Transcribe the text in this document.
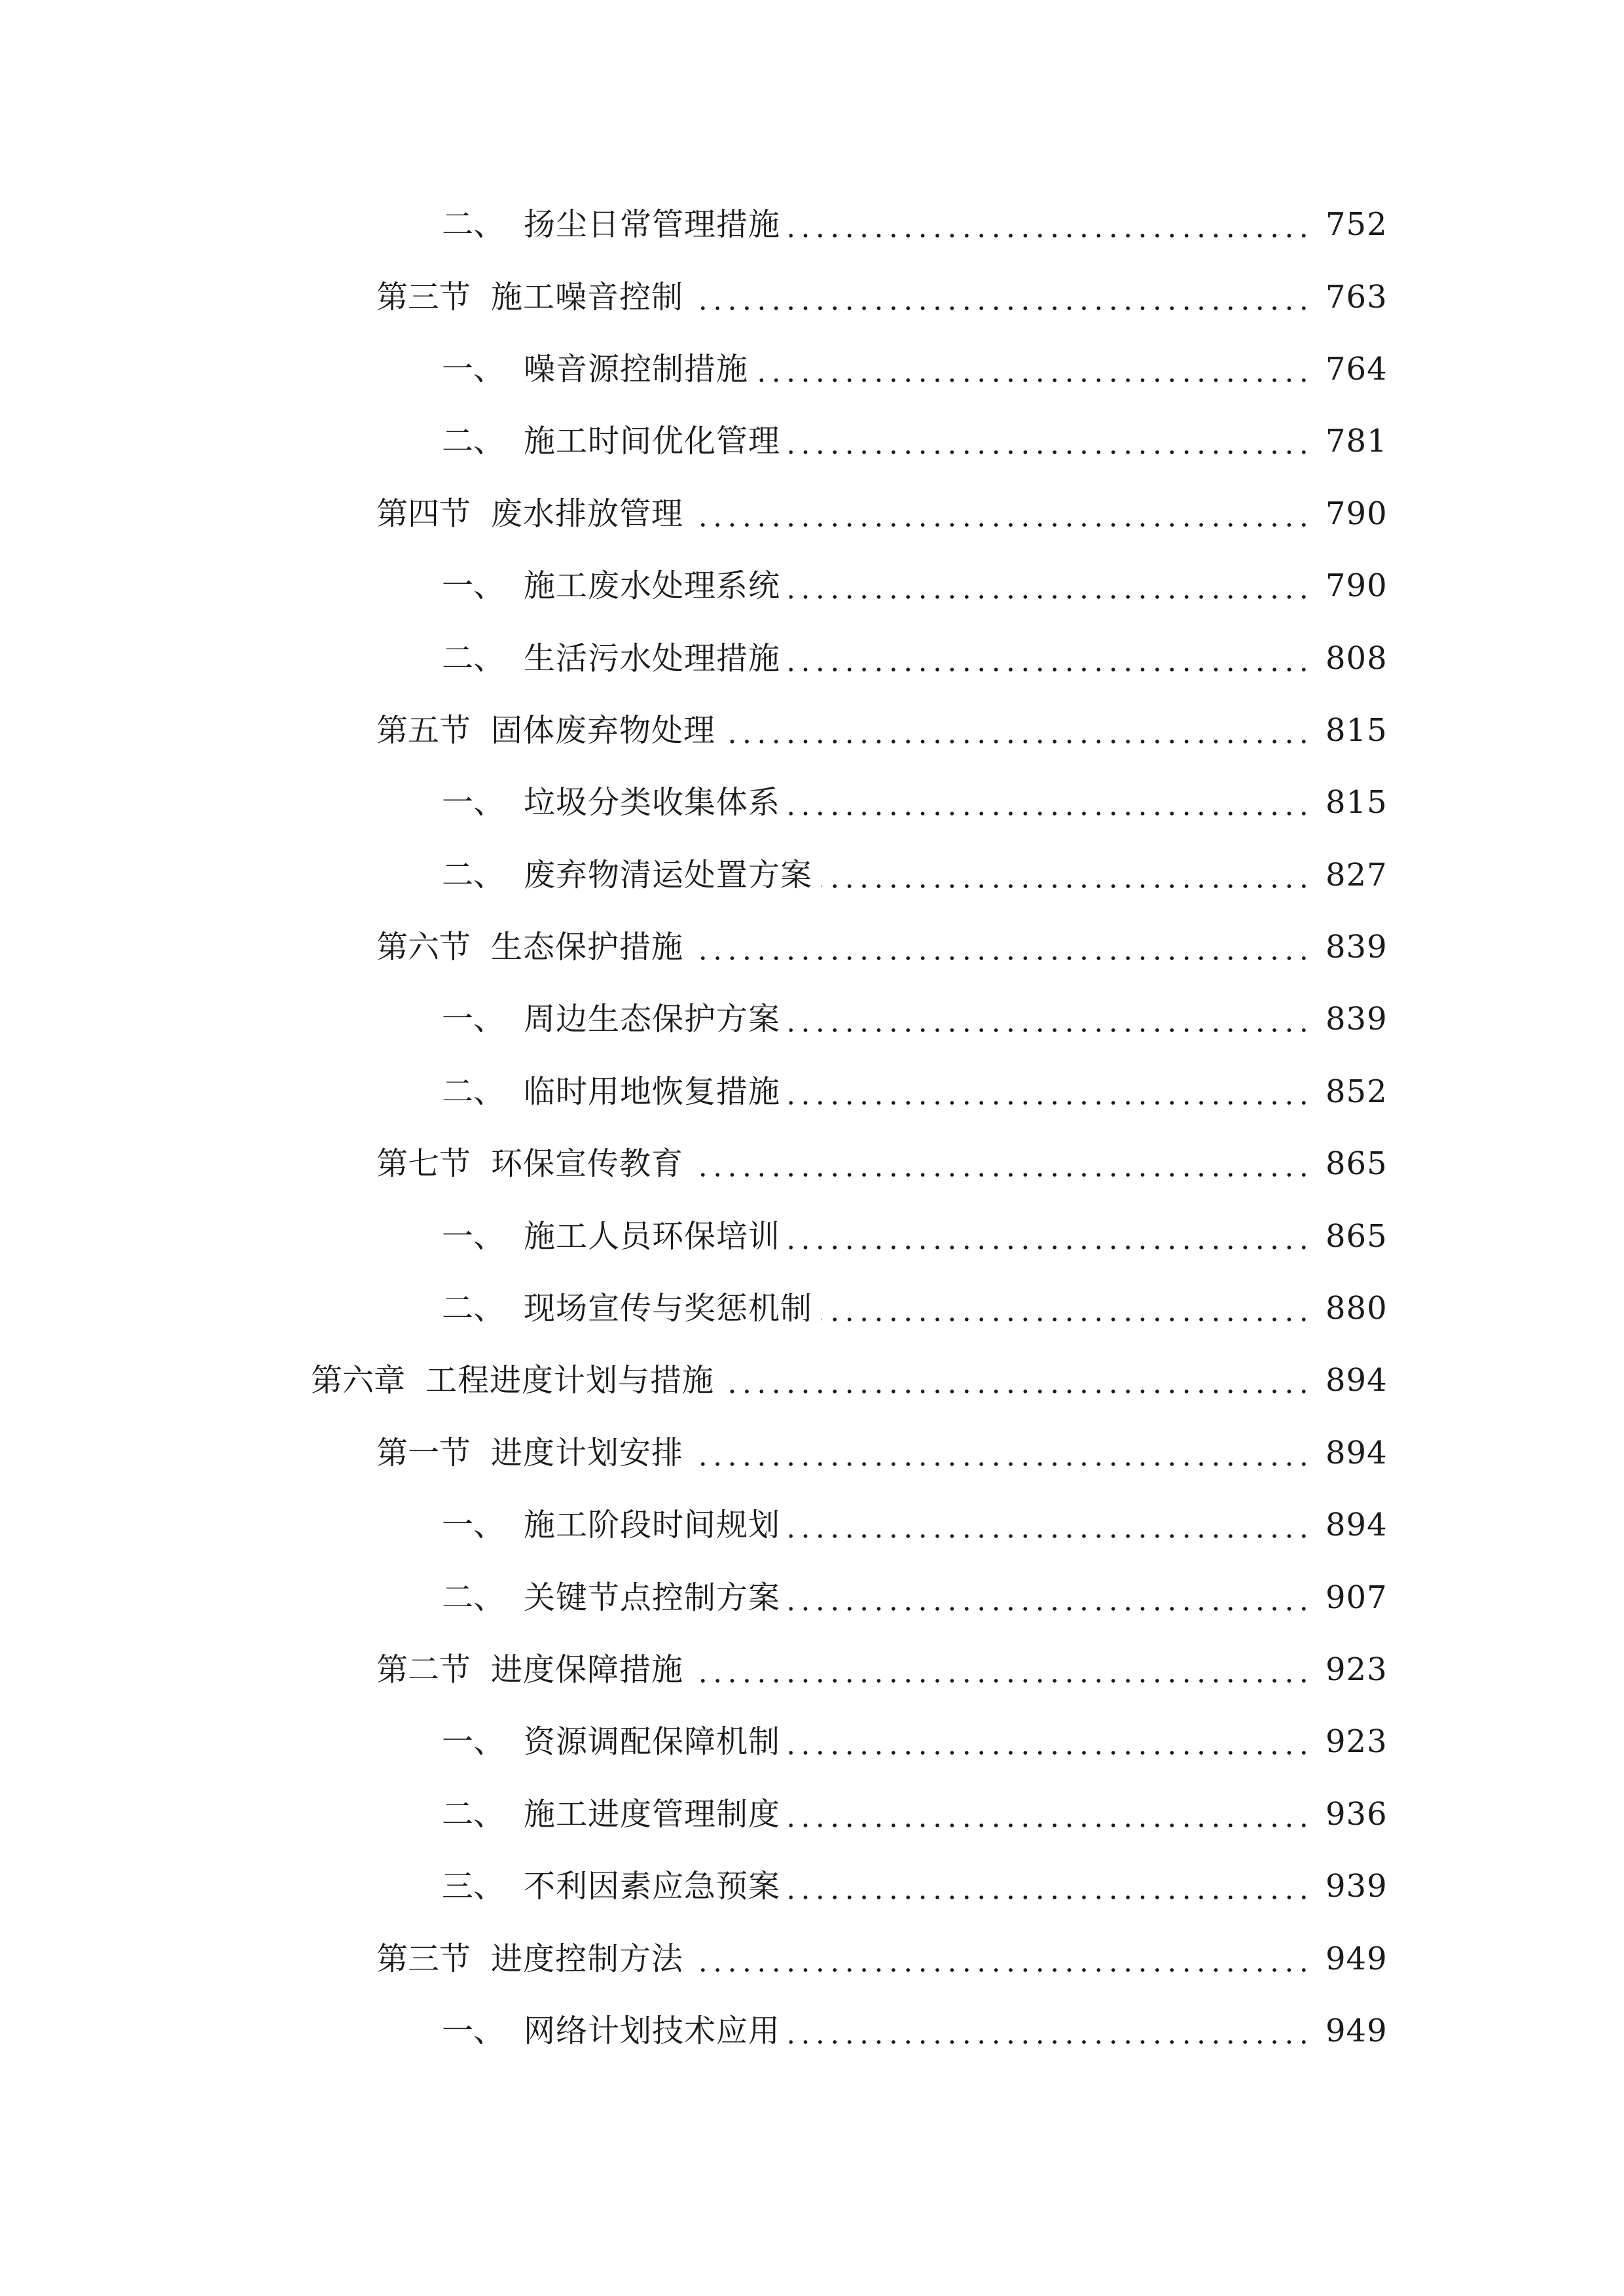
二、 扬尘日常管理措施	752
第三节 施工噪音控制	763
一、 噪音源控制措施	764
二、 施工时间优化管理	781
第四节 废水排放管理	790
一、 施工废水处理系统	790
二、 生活污水处理措施	808
第五节 固体废弃物处理	815
一、 垃圾分类收集体系	815
二、 废弃物清运处置方案	827
第六节 生态保护措施	839
一、 周边生态保护方案	839
二、 临时用地恢复措施	852
第七节 环保宣传教育	865
一、 施工人员环保培训	865
二、 现场宣传与奖惩机制	880
第六章 工程进度计划与措施	894
第一节 进度计划安排	894
一、 施工阶段时间规划	894
二、 关键节点控制方案	907
第二节 进度保障措施	923
一、 资源调配保障机制	923
二、 施工进度管理制度	936
三、 不利因素应急预案	939
第三节 进度控制方法	949
一、 网络计划技术应用	949
